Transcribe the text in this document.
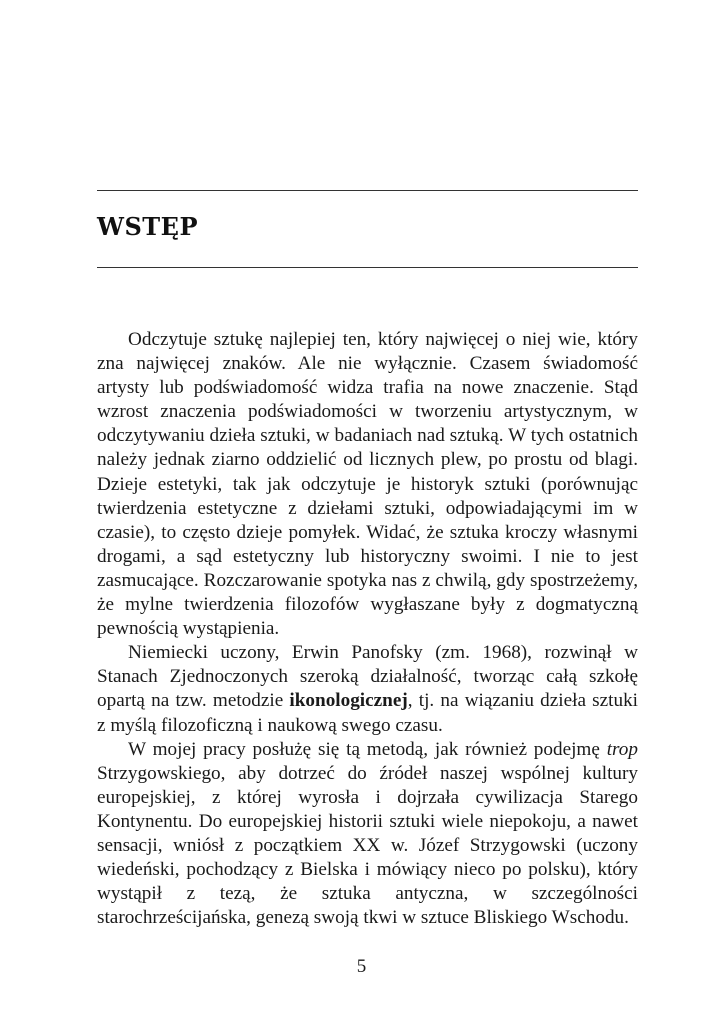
WSTĘP

Odczytuje sztukę najlepiej ten, który najwięcej o niej wie, który zna najwięcej znaków. Ale nie wyłącznie. Czasem świadomość artysty lub podświadomość widza trafia na nowe znaczenie. Stąd wzrost znaczenia podświadomości w tworzeniu artystycznym, w odczytywaniu dzieła sztuki, w badaniach nad sztuką. W tych ostatnich należy jednak ziarno oddzielić od licznych plew, po prostu od blagi. Dzieje estetyki, tak jak odczytuje je historyk sztuki (porównując twierdzenia estetyczne z dziełami sztuki, odpowiadającymi im w czasie), to często dzieje pomyłek. Widać, że sztuka kroczy własnymi drogami, a sąd estetyczny lub historyczny swoimi. I nie to jest zasmucające. Rozczarowanie spotyka nas z chwilą, gdy spostrzeżemy, że mylne twierdzenia filozofów wygłaszane były z dogmatyczną pewnością wystąpienia.

Niemiecki uczony, Erwin Panofsky (zm. 1968), rozwinął w Stanach Zjednoczonych szeroką działalność, tworząc całą szkołę opartą na tzw. metodzie ikonologicznej, tj. na wiązaniu dzieła sztuki z myślą filozoficzną i naukową swego czasu.

W mojej pracy posłużę się tą metodą, jak również podejmę trop Strzygowskiego, aby dotrzeć do źródeł naszej wspólnej kultury europejskiej, z której wyrosła i dojrzała cywilizacja Starego Kontynentu. Do europejskiej historii sztuki wiele niepokoju, a nawet sensacji, wniósł z początkiem XX w. Józef Strzygowski (uczony wiedeński, pochodzący z Bielska i mówiący nieco po polsku), który wystąpił z tezą, że sztuka antyczna, w szczególności starochrześcijańska, genezą swoją tkwi w sztuce Bliskiego Wschodu.

5
